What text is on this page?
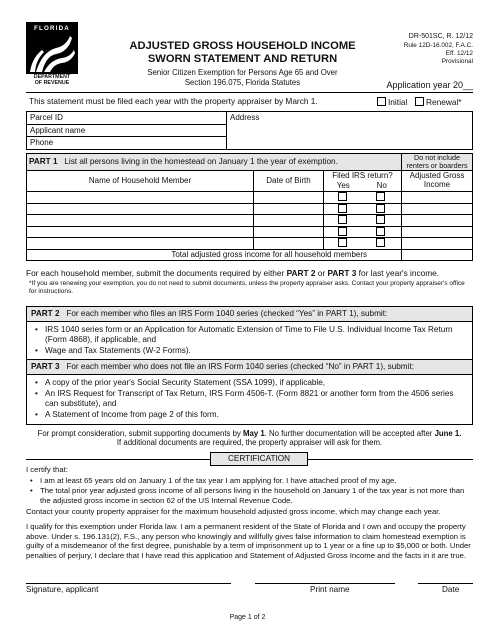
FLORIDA
DEPARTMENT
OF REVENUE
ADJUSTED GROSS HOUSEHOLD INCOME
SWORN STATEMENT AND RETURN
Senior Citizen Exemption for Persons Age 65 and Over
Section 196.075, Florida Statutes
DR-501SC, R. 12/12
Rule 12D-16.002, F.A.C.
Eff. 12/12
Provisional
Application year 20__
This statement must be filed each year with the property appraiser by March 1.	Initial	Renewal*
Parcel ID	Address
Applicant name
Phone
PART 1 List all persons living in the homestead on January 1 the year of exemption.				Do not include renters or boarders
Name of Household Member	Date of Birth	Filed IRS return?		Adjusted Gross Income
		Yes	No	

Total adjusted gross income for all household members				
For each household member, submit the documents required by either PART 2 or PART 3 for last year's income.
*If you are renewing your exemption, you do not need to submit documents, unless the property appraiser asks. Contact your property appraiser's office for instructions.
PART 2 For each member who files an IRS Form 1040 series (checked “Yes” in PART 1), submit:
• IRS 1040 series form or an Application for Automatic Extension of Time to File U.S. Individual Income Tax Return (Form 4868), if applicable, and
• Wage and Tax Statements (W-2 Forms).
PART 3 For each member who does not file an IRS Form 1040 series (checked “No” in PART 1), submit:
• A copy of the prior year's Social Security Statement (SSA 1099), if applicable,
• An IRS Request for Transcript of Tax Return, IRS Form 4506-T. (Form 8821 or another form from the 4506 series can substitute), and
• A Statement of Income from page 2 of this form.
For prompt consideration, submit supporting documents by May 1. No further documentation will be accepted after June 1.
If additional documents are required, the property appraiser will ask for them.
CERTIFICATION
I certify that:
• I am at least 65 years old on January 1 of the tax year I am applying for. I have attached proof of my age.
• The total prior year adjusted gross income of all persons living in the household on January 1 of the tax year is not more than the adjusted gross income in section 62 of the US Internal Revenue Code.
Contact your county property appraiser for the maximum household adjusted gross income, which may change each year.
I qualify for this exemption under Florida law. I am a permanent resident of the State of Florida and I own and occupy the property above. Under s. 196.131(2), F.S., any person who knowingly and willfully gives false information to claim homestead exemption is guilty of a misdemeanor of the first degree, punishable by a term of imprisonment up to 1 year or a fine up to $5,000 or both. Under penalties of perjury, I declare that I have read this application and Statement of Adjusted Gross Income and the facts in it are true.
Signature, applicant	Print name	Date
Page 1 of 2
